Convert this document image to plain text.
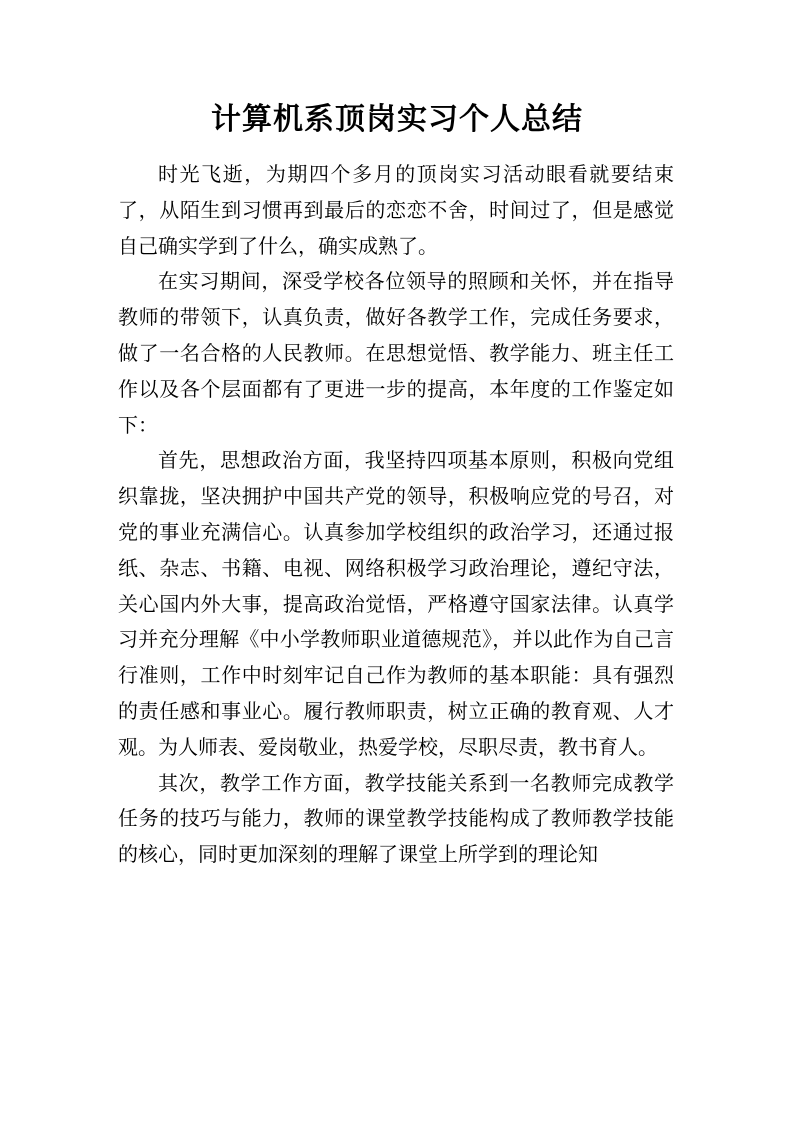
计算机系顶岗实习个人总结

时光飞逝，为期四个多月的顶岗实习活动眼看就要结束了，从陌生到习惯再到最后的恋恋不舍，时间过了，但是感觉自己确实学到了什么，确实成熟了。

在实习期间，深受学校各位领导的照顾和关怀，并在指导教师的带领下，认真负责，做好各教学工作，完成任务要求，做了一名合格的人民教师。在思想觉悟、教学能力、班主任工作以及各个层面都有了更进一步的提高，本年度的工作鉴定如下：

首先，思想政治方面，我坚持四项基本原则，积极向党组织靠拢，坚决拥护中国共产党的领导，积极响应党的号召，对党的事业充满信心。认真参加学校组织的政治学习，还通过报纸、杂志、书籍、电视、网络积极学习政治理论，遵纪守法，关心国内外大事，提高政治觉悟，严格遵守国家法律。认真学习并充分理解《中小学教师职业道德规范》，并以此作为自己言行准则，工作中时刻牢记自己作为教师的基本职能：具有强烈的责任感和事业心。履行教师职责，树立正确的教育观、人才观。为人师表、爱岗敬业，热爱学校，尽职尽责，教书育人。

其次，教学工作方面，教学技能关系到一名教师完成教学任务的技巧与能力，教师的课堂教学技能构成了教师教学技能的核心，同时更加深刻的理解了课堂上所学到的理论知
